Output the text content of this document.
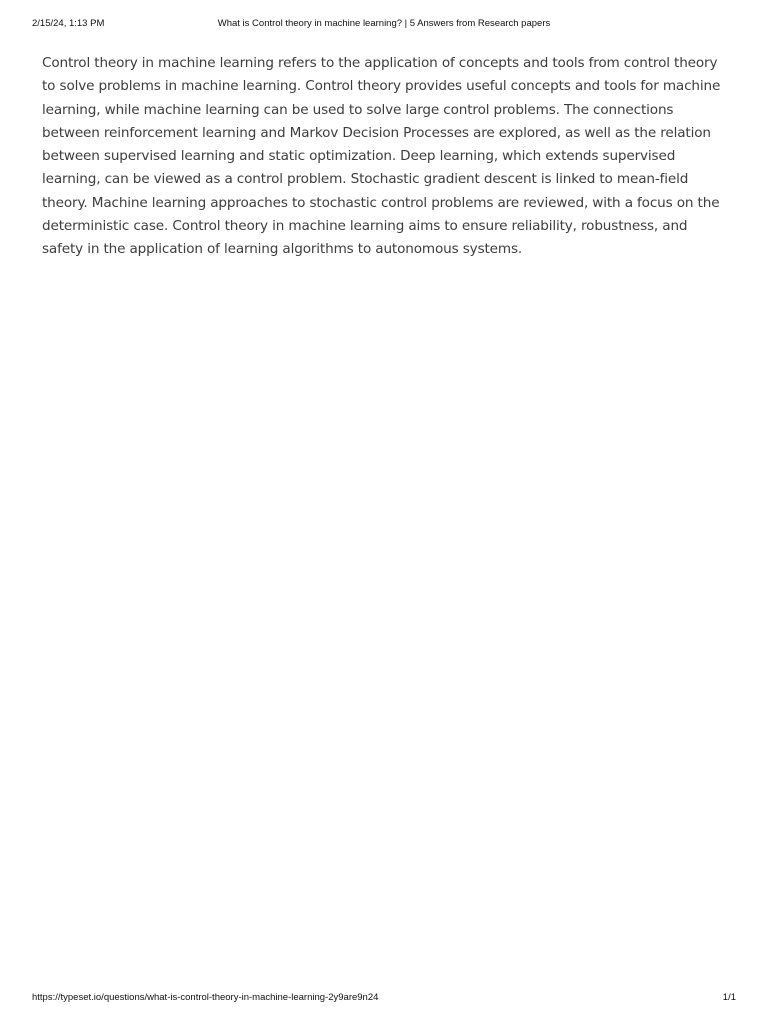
2/15/24, 1:13 PM	What is Control theory in machine learning? | 5 Answers from Research papers

Control theory in machine learning refers to the application of concepts and tools from control theory to solve problems in machine learning. Control theory provides useful concepts and tools for machine learning, while machine learning can be used to solve large control problems. The connections between reinforcement learning and Markov Decision Processes are explored, as well as the relation between supervised learning and static optimization. Deep learning, which extends supervised learning, can be viewed as a control problem. Stochastic gradient descent is linked to mean-field theory. Machine learning approaches to stochastic control problems are reviewed, with a focus on the deterministic case. Control theory in machine learning aims to ensure reliability, robustness, and safety in the application of learning algorithms to autonomous systems.

https://typeset.io/questions/what-is-control-theory-in-machine-learning-2y9are9n24	1/1
